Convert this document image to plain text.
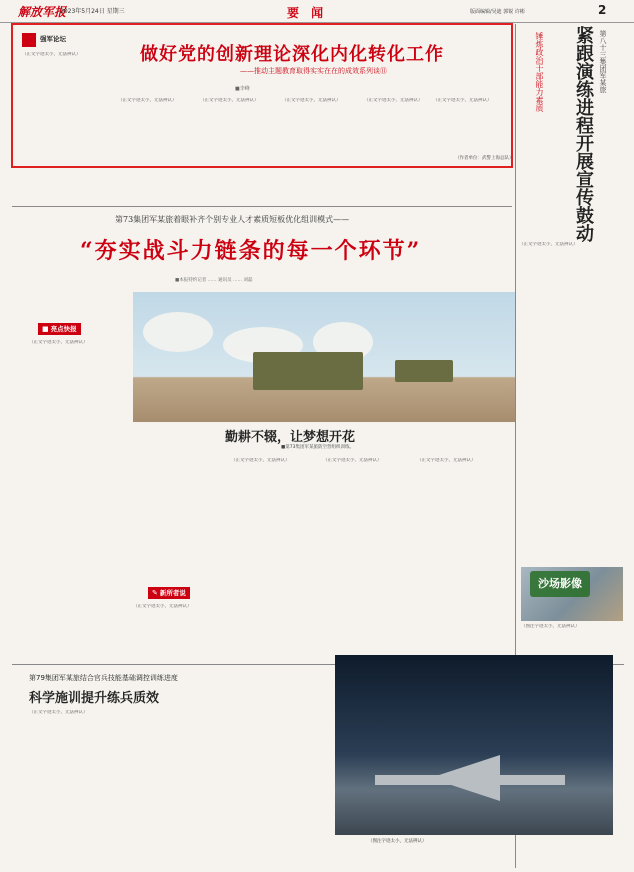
解放军报
2023年5月24日 星期三	要 闻	版面编辑/吴迪 郭锐 许彬	2
强军论坛
做好党的创新理论深化内化转化工作
——推动主题教育取得实实在在的成效系列谈⑪
■李峰
（正文字迹太小，无法辨认）
（正文字迹太小，无法辨认）	（正文字迹太小，无法辨认）	（正文字迹太小，无法辨认）	（正文字迹太小，无法辨认）	（正文字迹太小，无法辨认）
（作者单位：武警上海总队）
第八十三集团军某旅
紧跟演练进程开展宣传鼓动
锤炼政治干部能力素质
（正文字迹太小，无法辨认）
第73集团军某旅着眼补齐个别专业人才素质短板优化组训模式——
“夯实战斗力链条的每一个环节”
■本报特约记者 …… 通讯员 …… 刘磊
■ 亮点快报
（正文字迹太小，无法辨认）
勤耕不辍，让梦想开花
■第73集团军某旅防空营组织训练。
✎ 新所者说
（正文字迹太小，无法辨认）
（正文字迹太小，无法辨认）	（正文字迹太小，无法辨认）	（正文字迹太小，无法辨认）
沙场影像
（图注字迹太小，无法辨认）
第79集团军某旅结合官兵技能基础调控训练进度
科学施训提升练兵质效
（正文字迹太小，无法辨认）
（图注字迹太小，无法辨认）
